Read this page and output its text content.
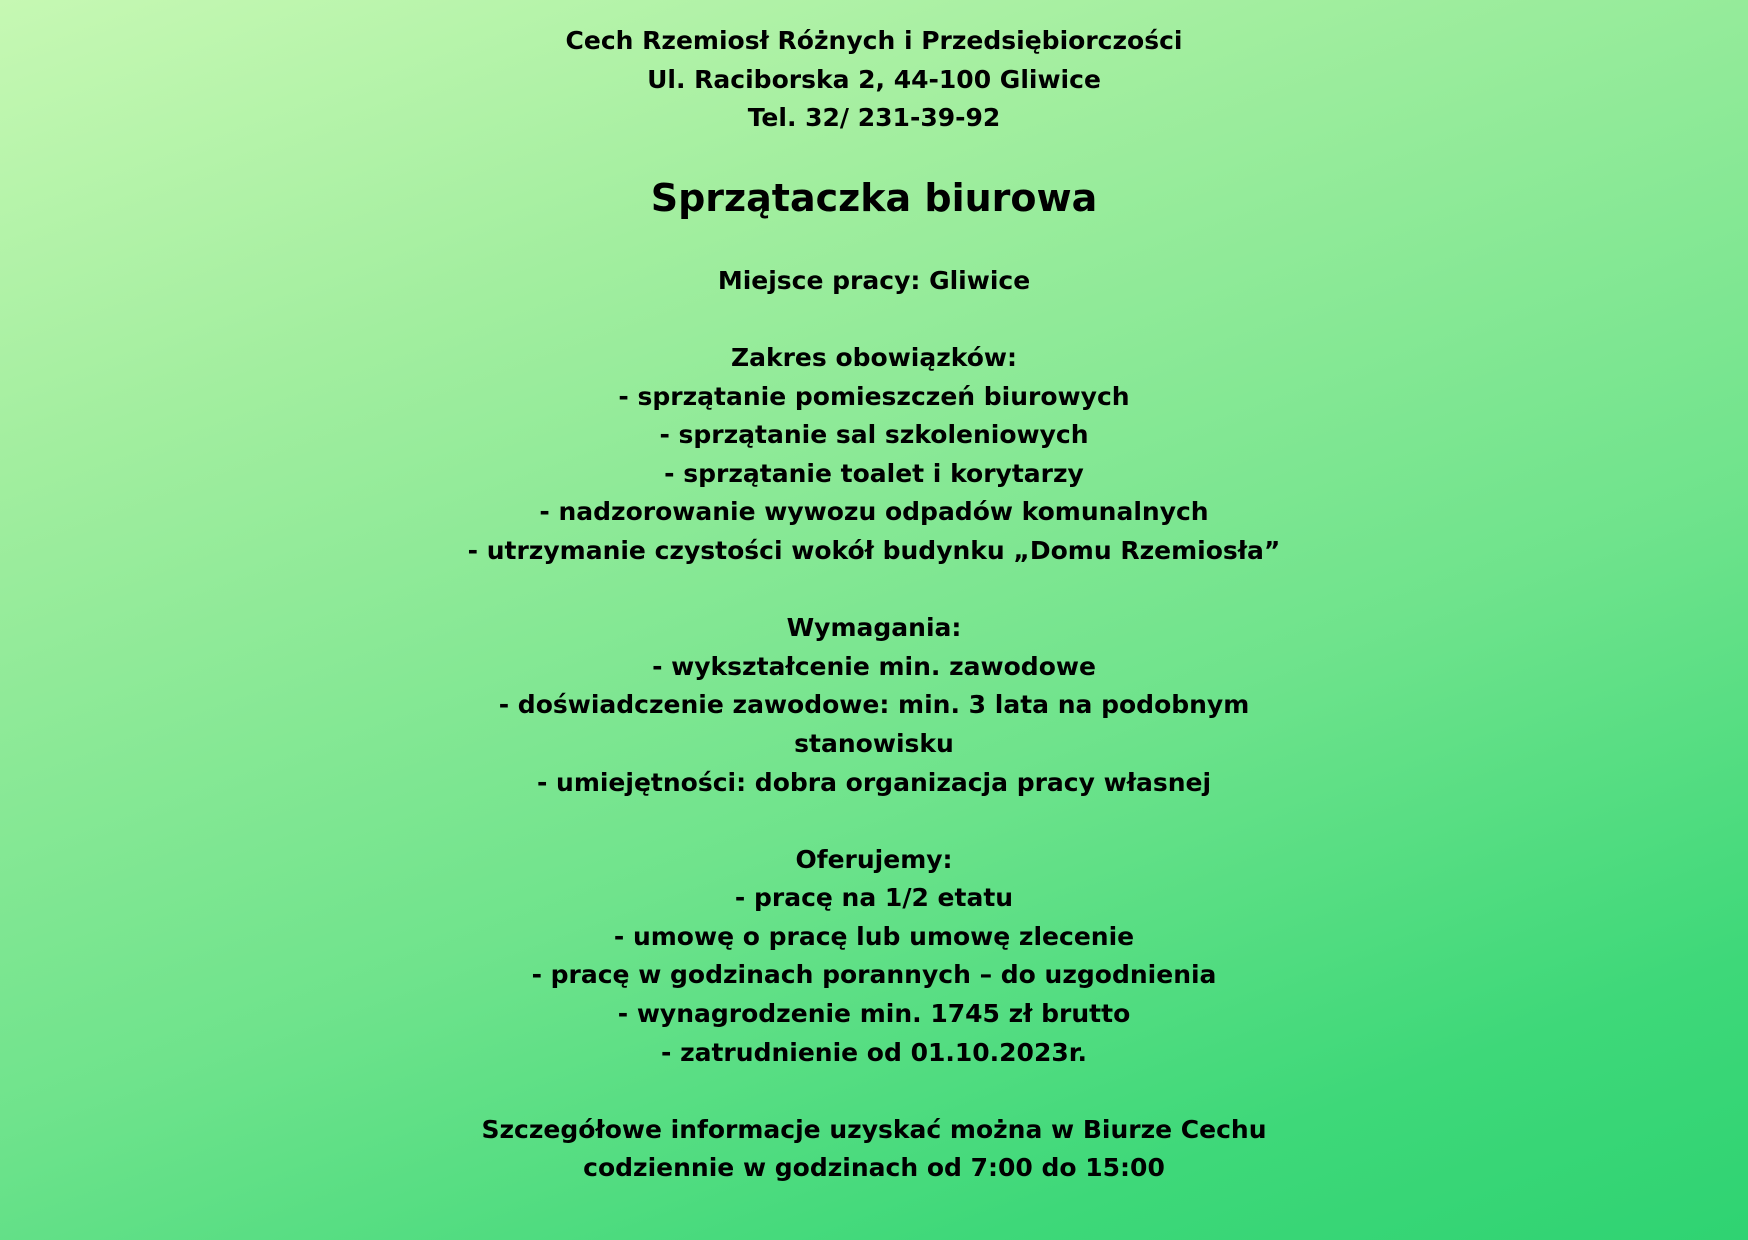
Cech Rzemiosł Różnych i Przedsiębiorczości
Ul. Raciborska 2, 44-100 Gliwice
Tel. 32/ 231-39-92
Sprzątaczka biurowa
Miejsce pracy: Gliwice
Zakres obowiązków:
- sprzątanie pomieszczeń biurowych
- sprzątanie sal szkoleniowych
- sprzątanie toalet i korytarzy
- nadzorowanie wywozu odpadów komunalnych
- utrzymanie czystości wokół budynku „Domu Rzemiosła”
Wymagania:
- wykształcenie min. zawodowe
- doświadczenie zawodowe: min. 3 lata na podobnym
stanowisku
- umiejętności: dobra organizacja pracy własnej
Oferujemy:
- pracę na 1/2 etatu
- umowę o pracę lub umowę zlecenie
- pracę w godzinach porannych – do uzgodnienia
- wynagrodzenie min. 1745 zł brutto
- zatrudnienie od 01.10.2023r.
Szczegółowe informacje uzyskać można w Biurze Cechu
codziennie w godzinach od 7:00 do 15:00
